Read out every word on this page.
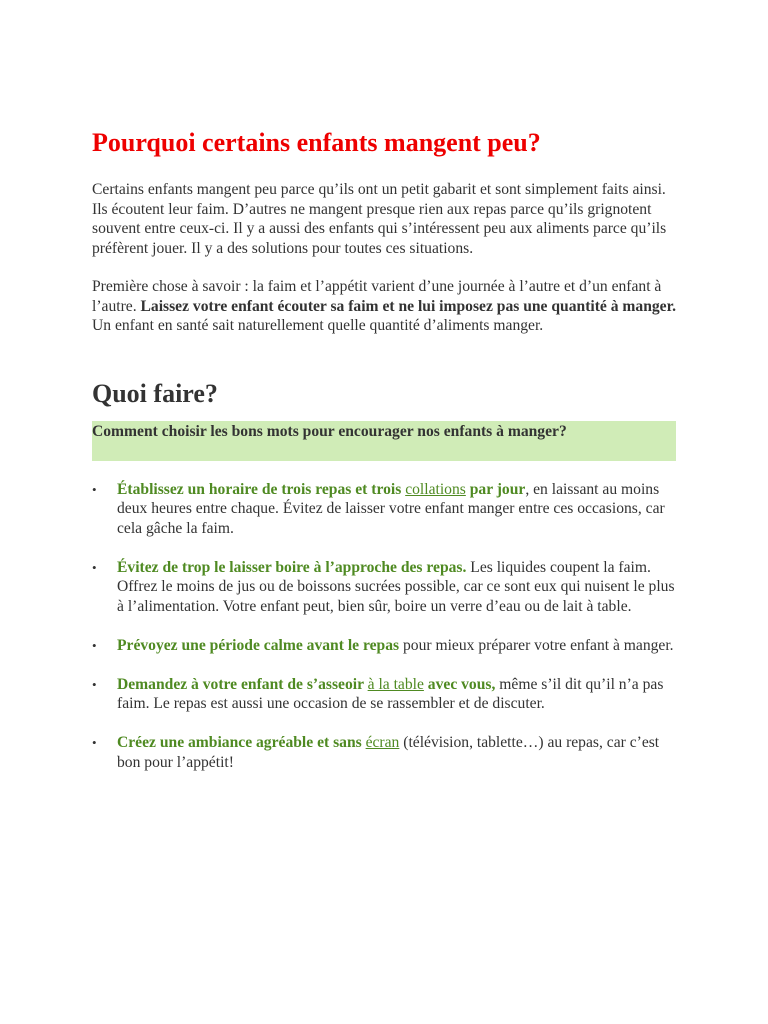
Pourquoi certains enfants mangent peu?

Certains enfants mangent peu parce qu’ils ont un petit gabarit et sont simplement faits ainsi. Ils écoutent leur faim. D’autres ne mangent presque rien aux repas parce qu’ils grignotent souvent entre ceux-ci. Il y a aussi des enfants qui s’intéressent peu aux aliments parce qu’ils préfèrent jouer. Il y a des solutions pour toutes ces situations.

Première chose à savoir : la faim et l’appétit varient d’une journée à l’autre et d’un enfant à l’autre. Laissez votre enfant écouter sa faim et ne lui imposez pas une quantité à manger. Un enfant en santé sait naturellement quelle quantité d’aliments manger.

Quoi faire?
Comment choisir les bons mots pour encourager nos enfants à manger?
• Établissez un horaire de trois repas et trois collations par jour, en laissant au moins deux heures entre chaque. Évitez de laisser votre enfant manger entre ces occasions, car cela gâche la faim.
• Évitez de trop le laisser boire à l’approche des repas. Les liquides coupent la faim. Offrez le moins de jus ou de boissons sucrées possible, car ce sont eux qui nuisent le plus à l’alimentation. Votre enfant peut, bien sûr, boire un verre d’eau ou de lait à table.
• Prévoyez une période calme avant le repas pour mieux préparer votre enfant à manger.
• Demandez à votre enfant de s’asseoir à la table avec vous, même s’il dit qu’il n’a pas faim. Le repas est aussi une occasion de se rassembler et de discuter.
• Créez une ambiance agréable et sans écran (télévision, tablette…) au repas, car c’est bon pour l’appétit!
